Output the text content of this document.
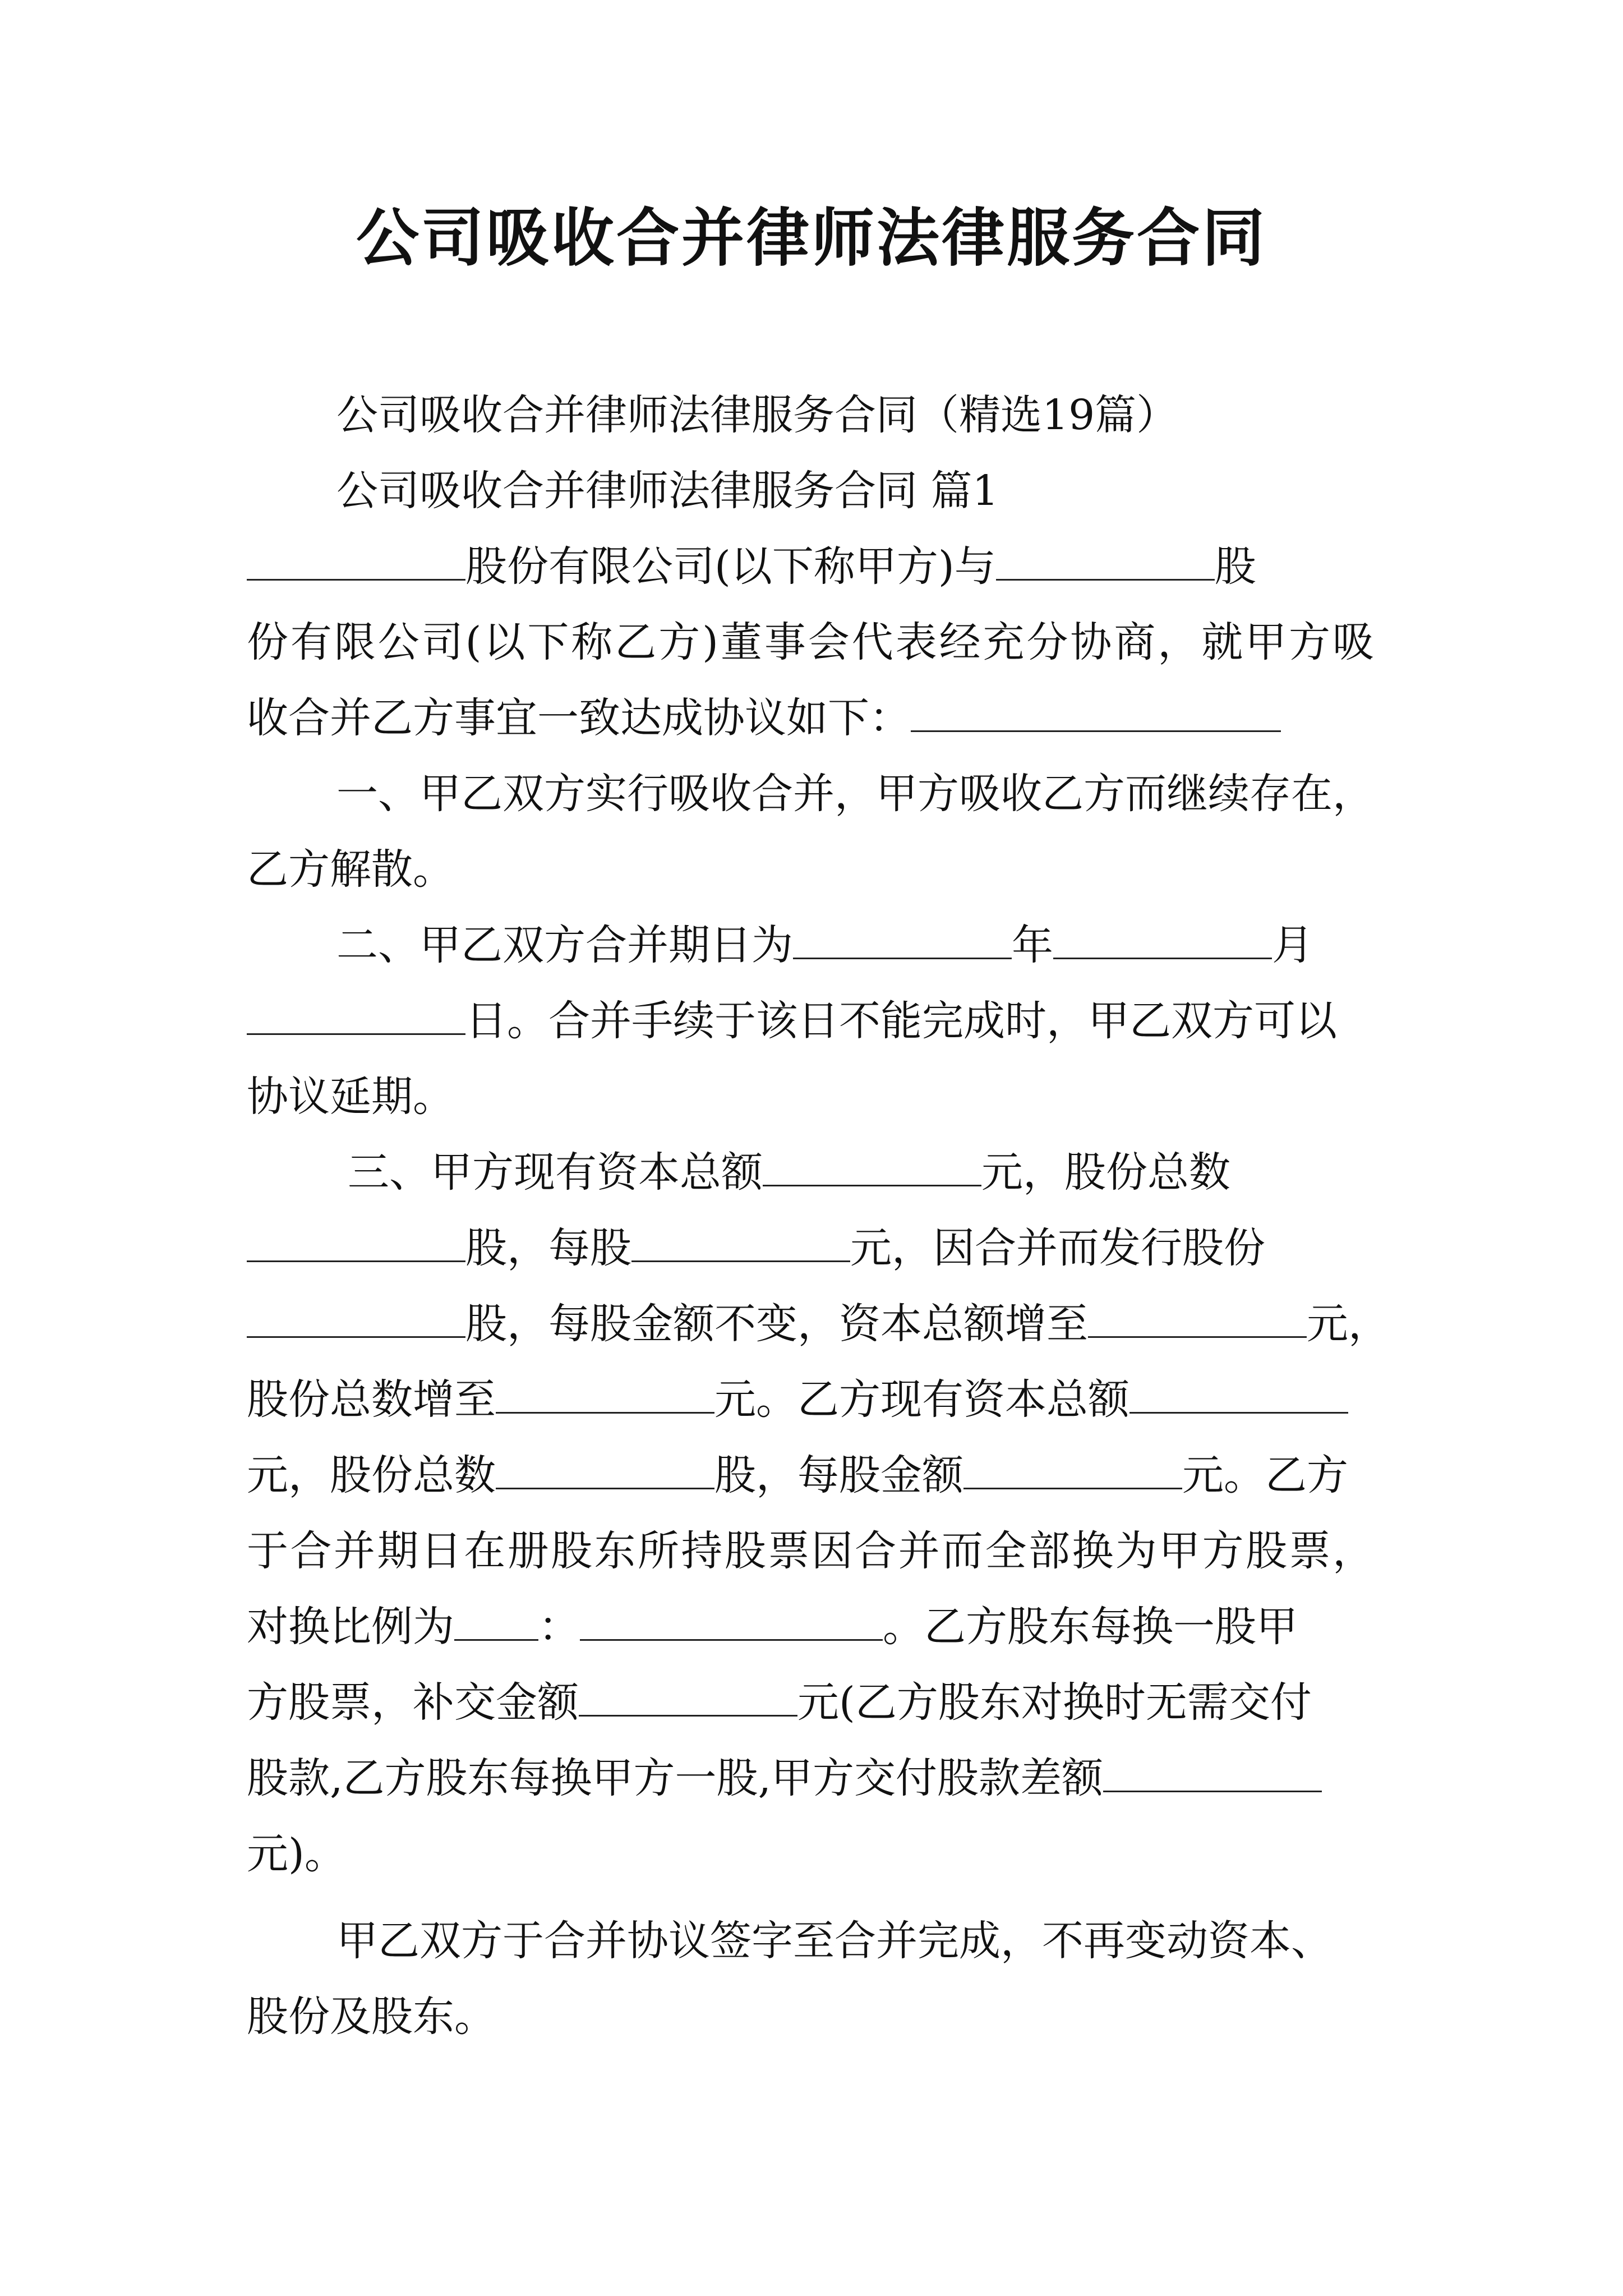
公司吸收合并律师法律服务合同

公司吸收合并律师法律服务合同（精选19篇）

公司吸收合并律师法律服务合同 篇1

股份有限公司(以下称甲方)与	股

份有限公司(以下称乙方)董事会代表经充分协商，就甲方吸

收合并乙方事宜一致达成协议如下：

一、甲乙双方实行吸收合并，甲方吸收乙方而继续存在，

乙方解散。

二、甲乙双方合并期日为	年	月

日。合并手续于该日不能完成时，甲乙双方可以

协议延期。

三、甲方现有资本总额	元，股份总数

股，每股	元，因合并而发行股份

股，每股金额不变，资本总额增至	元，

股份总数增至	元。乙方现有资本总额

元，股份总数	股，每股金额	元。乙方

于合并期日在册股东所持股票因合并而全部换为甲方股票，

对换比例为 ：	。乙方股东每换一股甲

方股票，补交金额	元(乙方股东对换时无需交付

股款,乙方股东每换甲方一股,甲方交付股款差额

元)。

甲乙双方于合并协议签字至合并完成，不再变动资本、

股份及股东。
